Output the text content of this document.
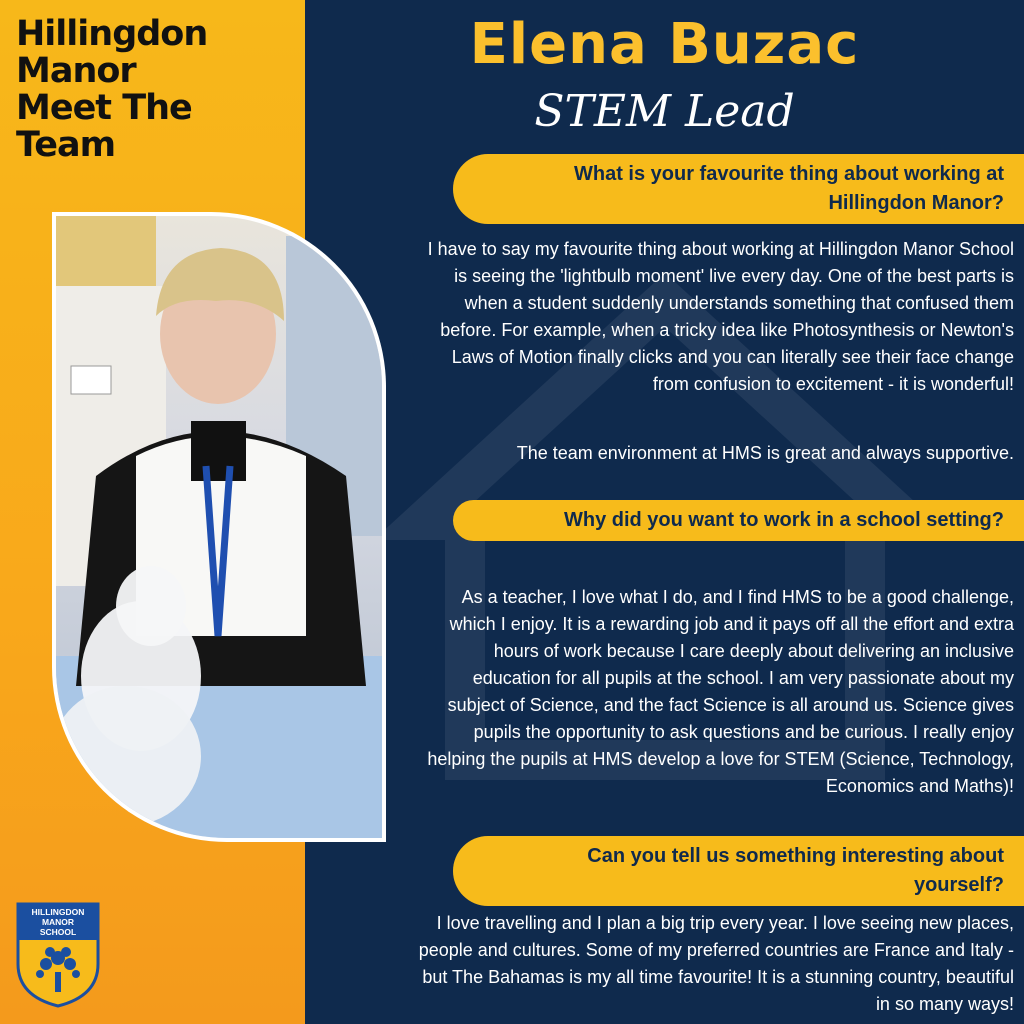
Hillingdon
Manor
Meet The
Team
Elena Buzac
STEM Lead
What is your favourite thing about working at Hillingdon Manor?

I have to say my favourite thing about working at Hillingdon Manor School is seeing the 'lightbulb moment' live every day. One of the best parts is when a student suddenly understands something that confused them before. For example, when a tricky idea like Photosynthesis or Newton's Laws of Motion finally clicks and you can literally see their face change from confusion to excitement - it is wonderful!

The team environment at HMS is great and always supportive.

Why did you want to work in a school setting?

As a teacher, I love what I do, and I find HMS to be a good challenge, which I enjoy. It is a rewarding job and it pays off all the effort and extra hours of work because I care deeply about delivering an inclusive education for all pupils at the school. I am very passionate about my subject of Science, and the fact Science is all around us. Science gives pupils the opportunity to ask questions and be curious. I really enjoy helping the pupils at HMS develop a love for STEM (Science, Technology, Economics and Maths)!

Can you tell us something interesting about yourself?

I love travelling and I plan a big trip every year. I love seeing new places, people and cultures. Some of my preferred countries are France and Italy - but The Bahamas is my all time favourite! It is a stunning country, beautiful in so many ways!

HILLINGDON
MANOR
SCHOOL
